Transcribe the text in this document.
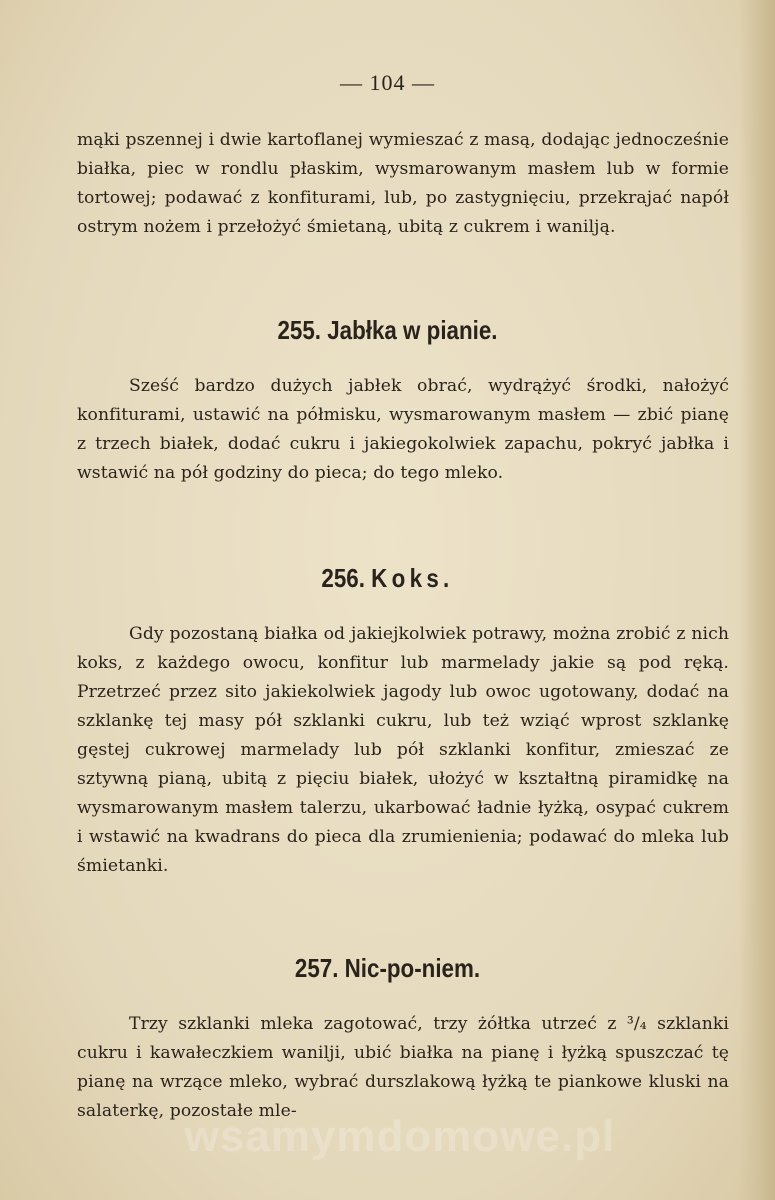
— 104 —

mąki pszennej i dwie kartoflanej wymieszać z masą, dodając jednocześnie białka, piec w rondlu płaskim, wysmarowanym masłem lub w formie tortowej; podawać z konfiturami, lub, po zastygnięciu, przekrajać napół ostrym nożem i przełożyć śmietaną, ubitą z cukrem i wanilją.

255. Jabłka w pianie.

Sześć bardzo dużych jabłek obrać, wydrążyć środki, nałożyć konfiturami, ustawić na półmisku, wysmarowanym masłem — zbić pianę z trzech białek, dodać cukru i jakiegokolwiek zapachu, pokryć jabłka i wstawić na pół godziny do pieca; do tego mleko.

256. Koks.

Gdy pozostaną białka od jakiejkolwiek potrawy, można zrobić z nich koks, z każdego owocu, konfitur lub marmelady jakie są pod ręką. Przetrzeć przez sito jakiekolwiek jagody lub owoc ugotowany, dodać na szklankę tej masy pół szklanki cukru, lub też wziąć wprost szklankę gęstej cukrowej marmelady lub pół szklanki konfitur, zmieszać ze sztywną pianą, ubitą z pięciu białek, ułożyć w kształtną piramidkę na wysmarowanym masłem talerzu, ukarbować ładnie łyżką, osypać cukrem i wstawić na kwadrans do pieca dla zrumienienia; podawać do mleka lub śmietanki.

257. Nic-po-niem.

Trzy szklanki mleka zagotować, trzy żółtka utrzeć z ³/₄ szklanki cukru i kawałeczkiem wanilji, ubić białka na pianę i łyżką spuszczać tę pianę na wrzące mleko, wybrać durszlakową łyżką te piankowe kluski na salaterkę, pozostałe mle-

wsamymdomowe.pl
